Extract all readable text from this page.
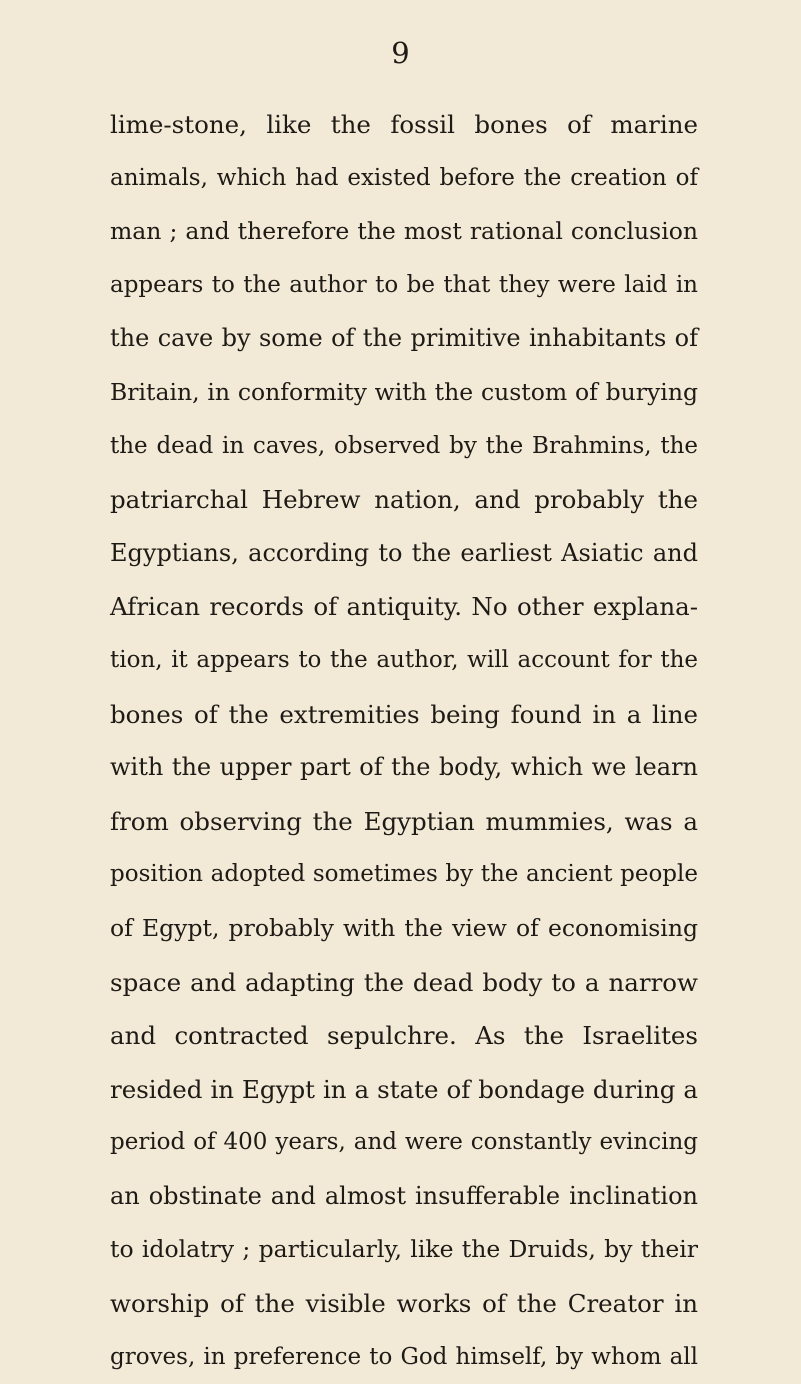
9
lime-stone, like the fossil bones of marine
animals, which had existed before the creation of
man ; and therefore the most rational conclusion
appears to the author to be that they were laid in
the cave by some of the primitive inhabitants of
Britain, in conformity with the custom of burying
the dead in caves, observed by the Brahmins, the
patriarchal Hebrew nation, and probably the
Egyptians, according to the earliest Asiatic and
African records of antiquity. No other explana-
tion, it appears to the author, will account for the
bones of the extremities being found in a line
with the upper part of the body, which we learn
from observing the Egyptian mummies, was a
position adopted sometimes by the ancient people
of Egypt, probably with the view of economising
space and adapting the dead body to a narrow
and contracted sepulchre. As the Israelites
resided in Egypt in a state of bondage during a
period of 400 years, and were constantly evincing
an obstinate and almost insufferable inclination
to idolatry ; particularly, like the Druids, by their
worship of the visible works of the Creator in
groves, in preference to God himself, by whom all
